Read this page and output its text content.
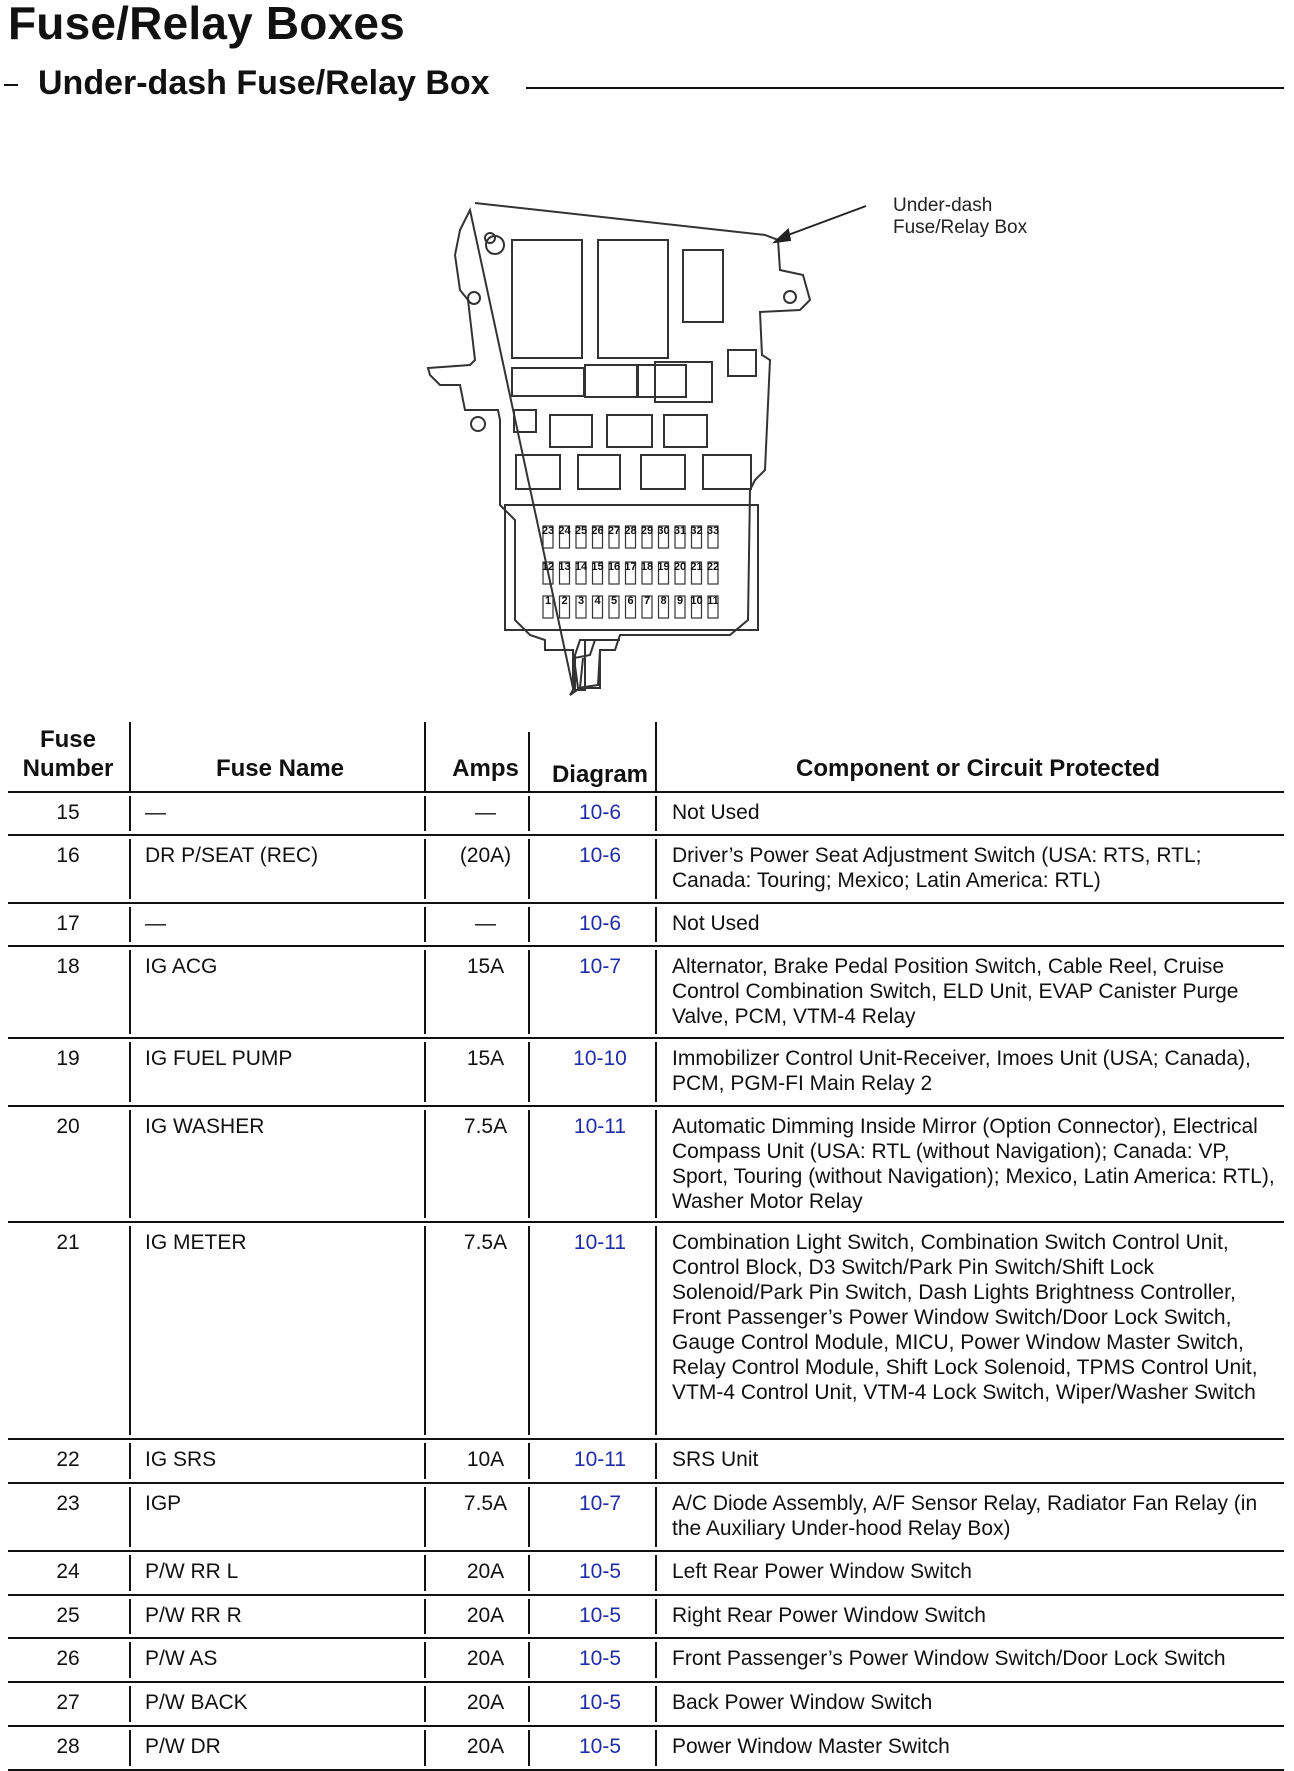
Fuse/Relay Boxes
Under-dash Fuse/Relay Box
23 24 25 26 27 28 29 30 31 32 33
12 13 14 15 16 17 18 19 20 21 22
1 2 3 4 5 6 7 8 9 10 11
Under-dash Fuse/Relay Box
Fuse Number	Fuse Name	Amps	Diagram	Component or Circuit Protected
15	—	—	10-6	Not Used
16	DR P/SEAT (REC)	(20A)	10-6	Driver’s Power Seat Adjustment Switch (USA: RTS, RTL; Canada: Touring; Mexico; Latin America: RTL)
17	—	—	10-6	Not Used
18	IG ACG	15A	10-7	Alternator, Brake Pedal Position Switch, Cable Reel, Cruise Control Combination Switch, ELD Unit, EVAP Canister Purge Valve, PCM, VTM-4 Relay
19	IG FUEL PUMP	15A	10-10	Immobilizer Control Unit-Receiver, Imoes Unit (USA; Canada), PCM, PGM-FI Main Relay 2
20	IG WASHER	7.5A	10-11	Automatic Dimming Inside Mirror (Option Connector), Electrical Compass Unit (USA: RTL (without Navigation); Canada: VP, Sport, Touring (without Navigation); Mexico, Latin America: RTL), Washer Motor Relay
21	IG METER	7.5A	10-11	Combination Light Switch, Combination Switch Control Unit, Control Block, D3 Switch/Park Pin Switch/Shift Lock Solenoid/Park Pin Switch, Dash Lights Brightness Controller, Front Passenger’s Power Window Switch/Door Lock Switch, Gauge Control Module, MICU, Power Window Master Switch, Relay Control Module, Shift Lock Solenoid, TPMS Control Unit, VTM-4 Control Unit, VTM-4 Lock Switch, Wiper/Washer Switch
22	IG SRS	10A	10-11	SRS Unit
23	IGP	7.5A	10-7	A/C Diode Assembly, A/F Sensor Relay, Radiator Fan Relay (in the Auxiliary Under-hood Relay Box)
24	P/W RR L	20A	10-5	Left Rear Power Window Switch
25	P/W RR R	20A	10-5	Right Rear Power Window Switch
26	P/W AS	20A	10-5	Front Passenger’s Power Window Switch/Door Lock Switch
27	P/W BACK	20A	10-5	Back Power Window Switch
28	P/W DR	20A	10-5	Power Window Master Switch
